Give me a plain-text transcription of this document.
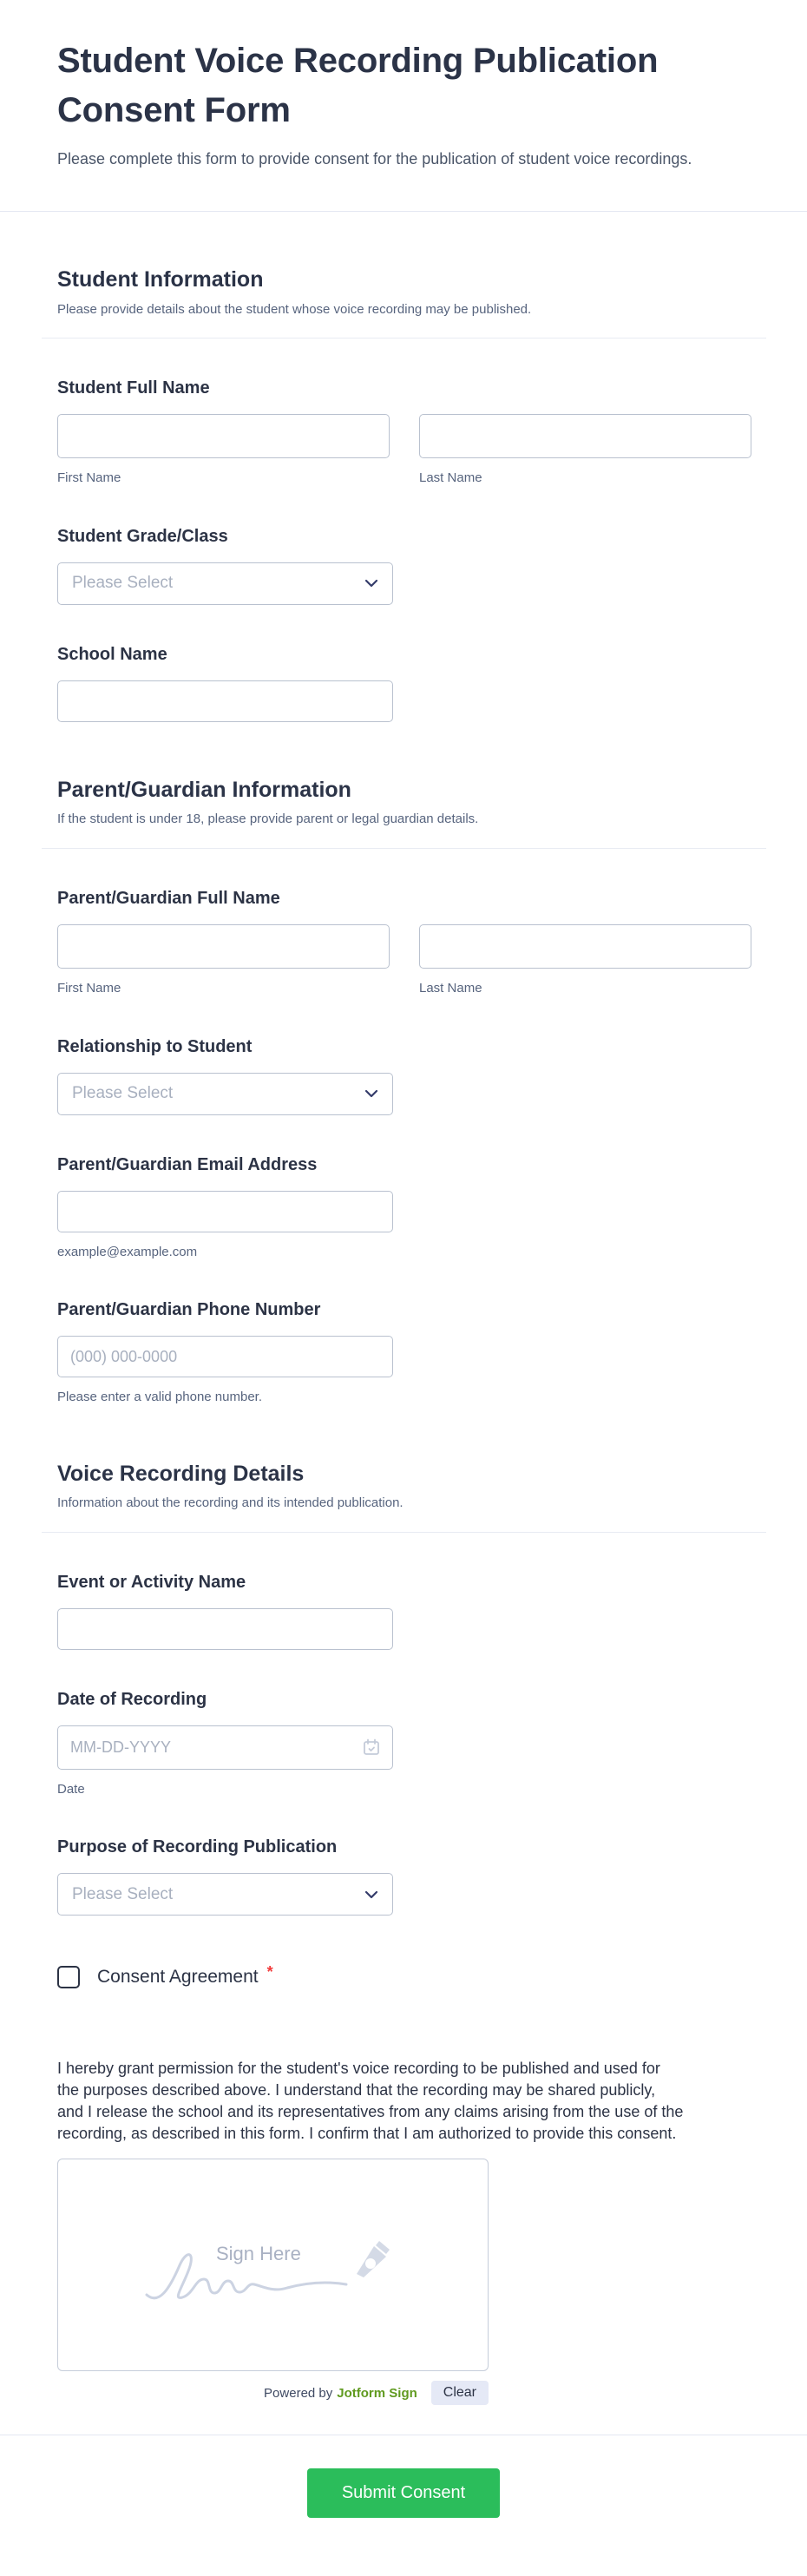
Student Voice Recording Publication Consent Form

Please complete this form to provide consent for the publication of student voice recordings.

Student Information

Please provide details about the student whose voice recording may be published.

Student Full Name
First Name	Last Name
Student Grade/Class
Please Select
School Name
Parent/Guardian Information

If the student is under 18, please provide parent or legal guardian details.

Parent/Guardian Full Name
First Name	Last Name
Relationship to Student
Please Select
Parent/Guardian Email Address
example@example.com
Parent/Guardian Phone Number
(000) 000-0000
Please enter a valid phone number.
Voice Recording Details

Information about the recording and its intended publication.

Event or Activity Name
Date of Recording
MM-DD-YYYY
Date
Purpose of Recording Publication
Please Select
Consent Agreement *

I hereby grant permission for the student's voice recording to be published and used for the purposes described above. I understand that the recording may be shared publicly, and I release the school and its representatives from any claims arising from the use of the recording, as described in this form. I confirm that I am authorized to provide this consent.

Sign Here
Powered by Jotform Sign	Clear
Submit Consent
